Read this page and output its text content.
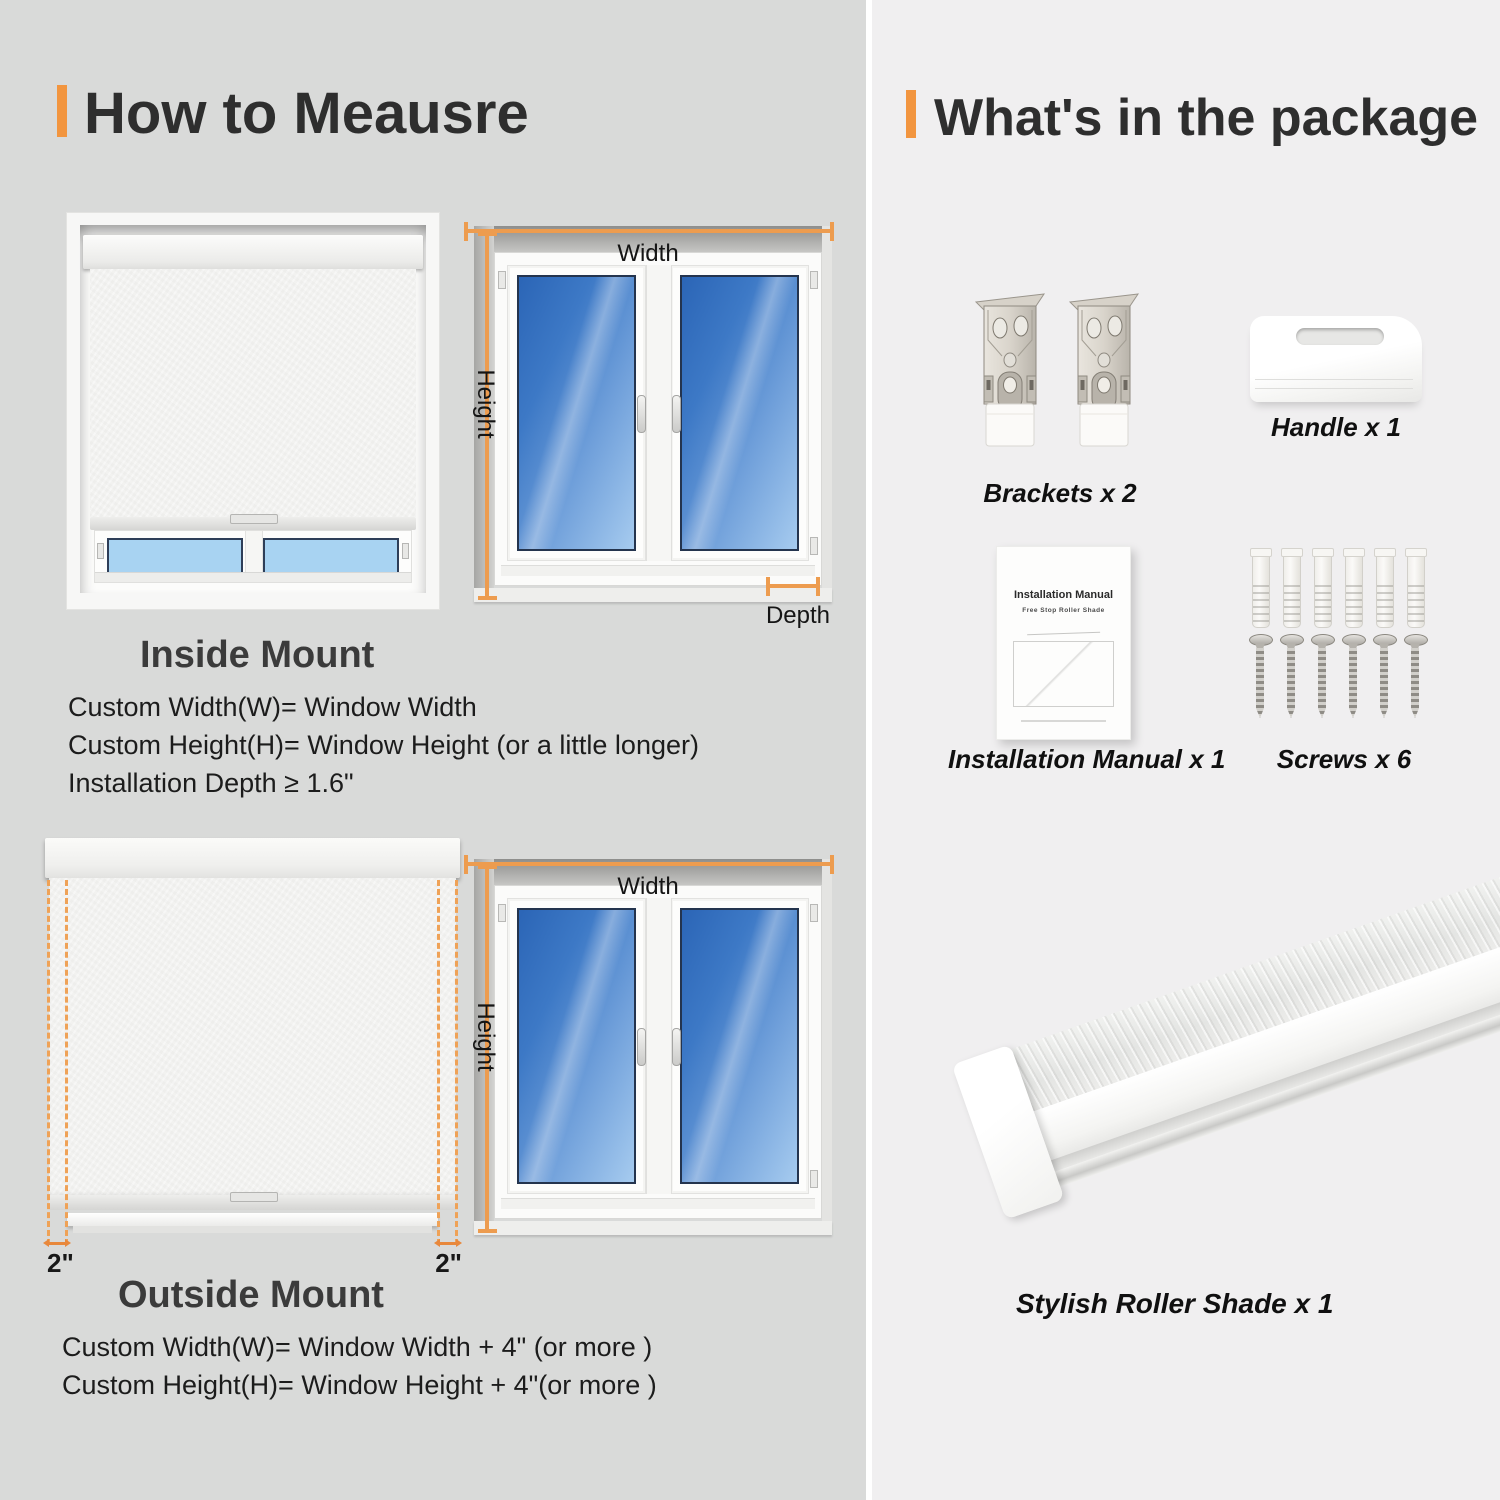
How to Meausre
Width
Height
Depth
Inside Mount
Custom Width(W)= Window Width
Custom Height(H)= Window Height (or a little longer)
Installation Depth ≥ 1.6"
2"	2"
Width
Height
Outside Mount
Custom Width(W)= Window Width + 4" (or more )
Custom Height(H)= Window Height + 4"(or more )
What's in the package
Brackets x 2
Handle x 1
Installation Manual
Free Stop Roller Shade
Installation Manual x 1	Screws x 6
Stylish Roller Shade x 1
